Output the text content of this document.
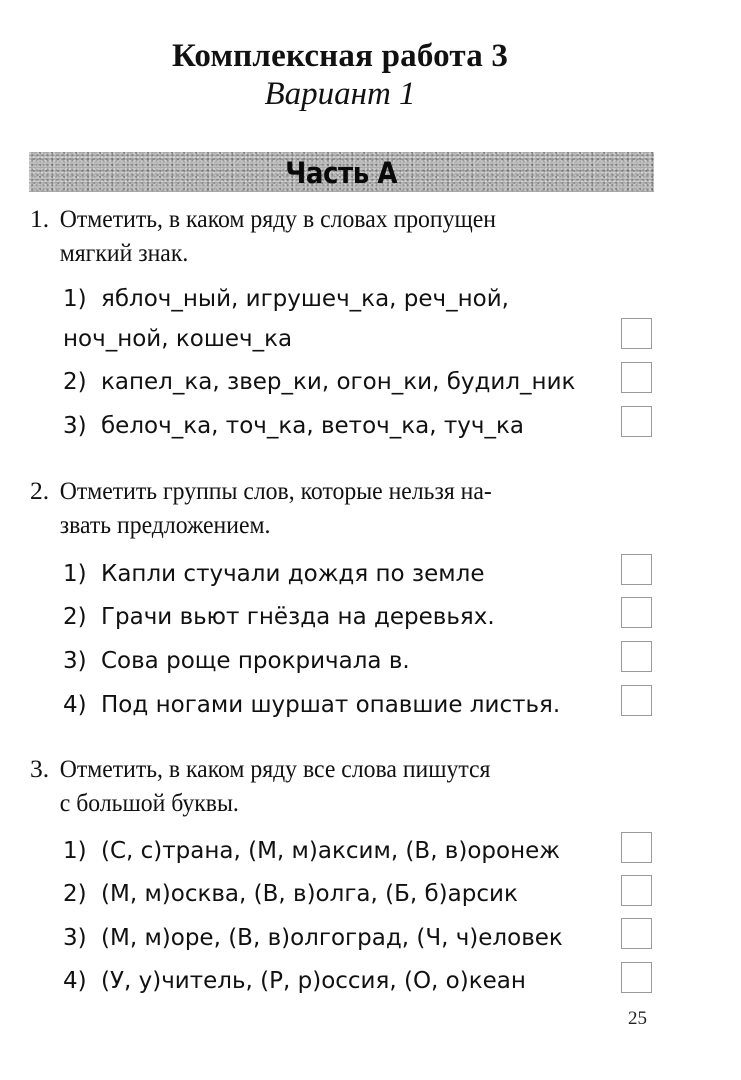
Комплексная работа 3
Вариант 1
Часть А
1. Отметить, в каком ряду в словах пропущен
мягкий знак.
1) яблоч_ный, игрушеч_ка, реч_ной,
ноч_ной, кошеч_ка
2) капел_ка, звер_ки, огон_ки, будил_ник
3) белоч_ка, точ_ка, веточ_ка, туч_ка
2. Отметить группы слов, которые нельзя на-
звать предложением.
1) Капли стучали дождя по земле
2) Грачи вьют гнёзда на деревьях.
3) Сова роще прокричала в.
4) Под ногами шуршат опавшие листья.
3. Отметить, в каком ряду все слова пишутся
с большой буквы.
1) (С, с)трана, (М, м)аксим, (В, в)оронеж
2) (М, м)осква, (В, в)олга, (Б, б)арсик
3) (М, м)оре, (В, в)олгоград, (Ч, ч)еловек
4) (У, у)читель, (Р, р)оссия, (О, о)кеан
25
